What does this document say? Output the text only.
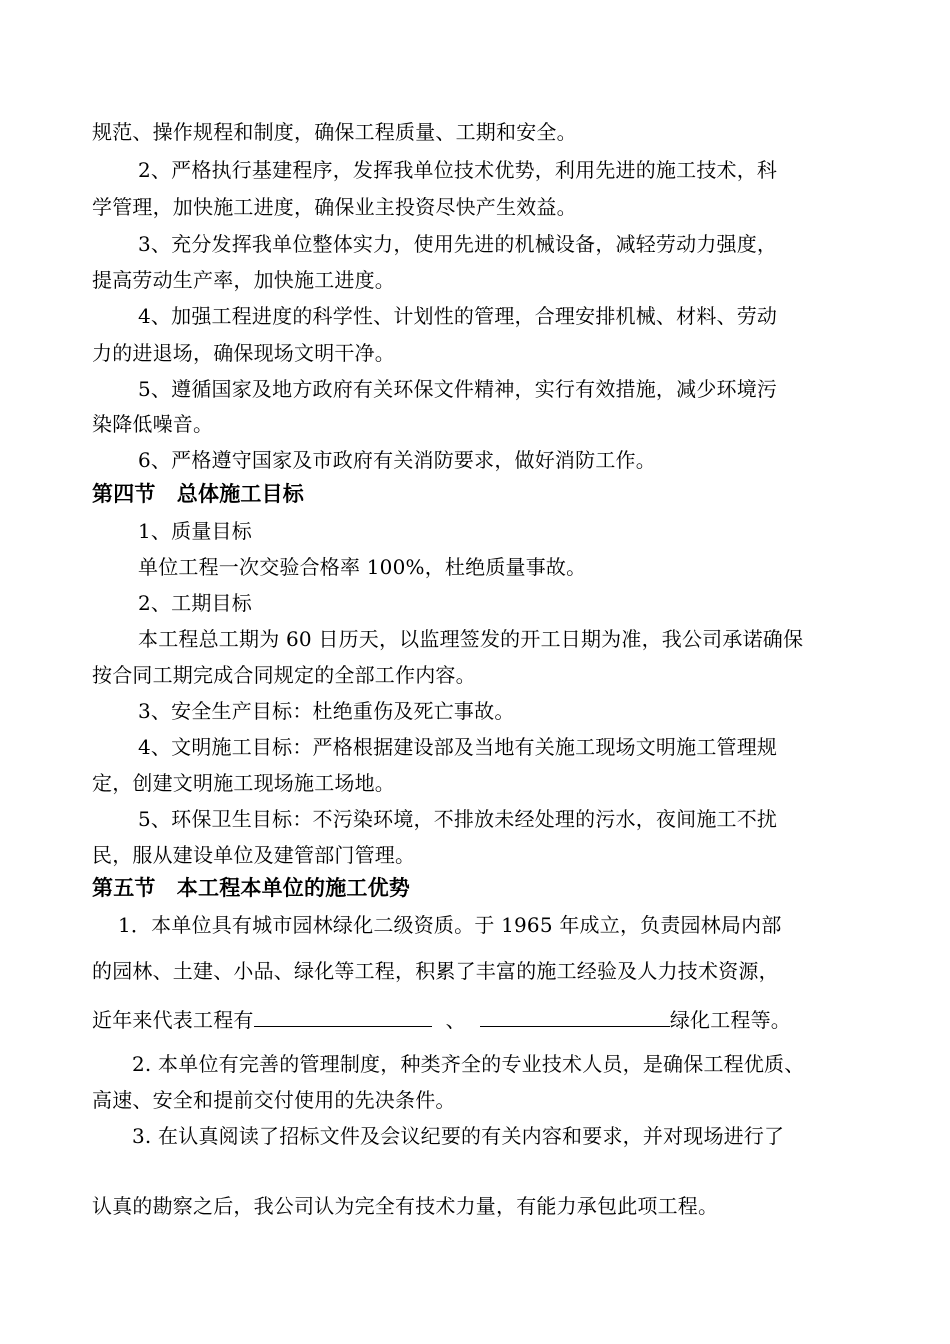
规范、操作规程和制度，确保工程质量、工期和安全。
2、严格执行基建程序，发挥我单位技术优势，利用先进的施工技术，科
学管理，加快施工进度，确保业主投资尽快产生效益。
3、充分发挥我单位整体实力，使用先进的机械设备，减轻劳动力强度，
提高劳动生产率，加快施工进度。
4、加强工程进度的科学性、计划性的管理，合理安排机械、材料、劳动
力的进退场，确保现场文明干净。
5、遵循国家及地方政府有关环保文件精神，实行有效措施，减少环境污
染降低噪音。
6、严格遵守国家及市政府有关消防要求，做好消防工作。
第四节　总体施工目标
1、质量目标
单位工程一次交验合格率 100%，杜绝质量事故。
2、工期目标
本工程总工期为 60 日历天，以监理签发的开工日期为准，我公司承诺确保
按合同工期完成合同规定的全部工作内容。
3、安全生产目标：杜绝重伤及死亡事故。
4、文明施工目标：严格根据建设部及当地有关施工现场文明施工管理规
定，创建文明施工现场施工场地。
5、环保卫生目标：不污染环境，不排放未经处理的污水，夜间施工不扰
民，服从建设单位及建管部门管理。
第五节　本工程本单位的施工优势
1．本单位具有城市园林绿化二级资质。于 1965 年成立，负责园林局内部
的园林、土建、小品、绿化等工程，积累了丰富的施工经验及人力技术资源，
近年来代表工程有	、	绿化工程等。
2. 本单位有完善的管理制度，种类齐全的专业技术人员，是确保工程优质、
高速、安全和提前交付使用的先决条件。
3. 在认真阅读了招标文件及会议纪要的有关内容和要求，并对现场进行了
认真的勘察之后，我公司认为完全有技术力量，有能力承包此项工程。
